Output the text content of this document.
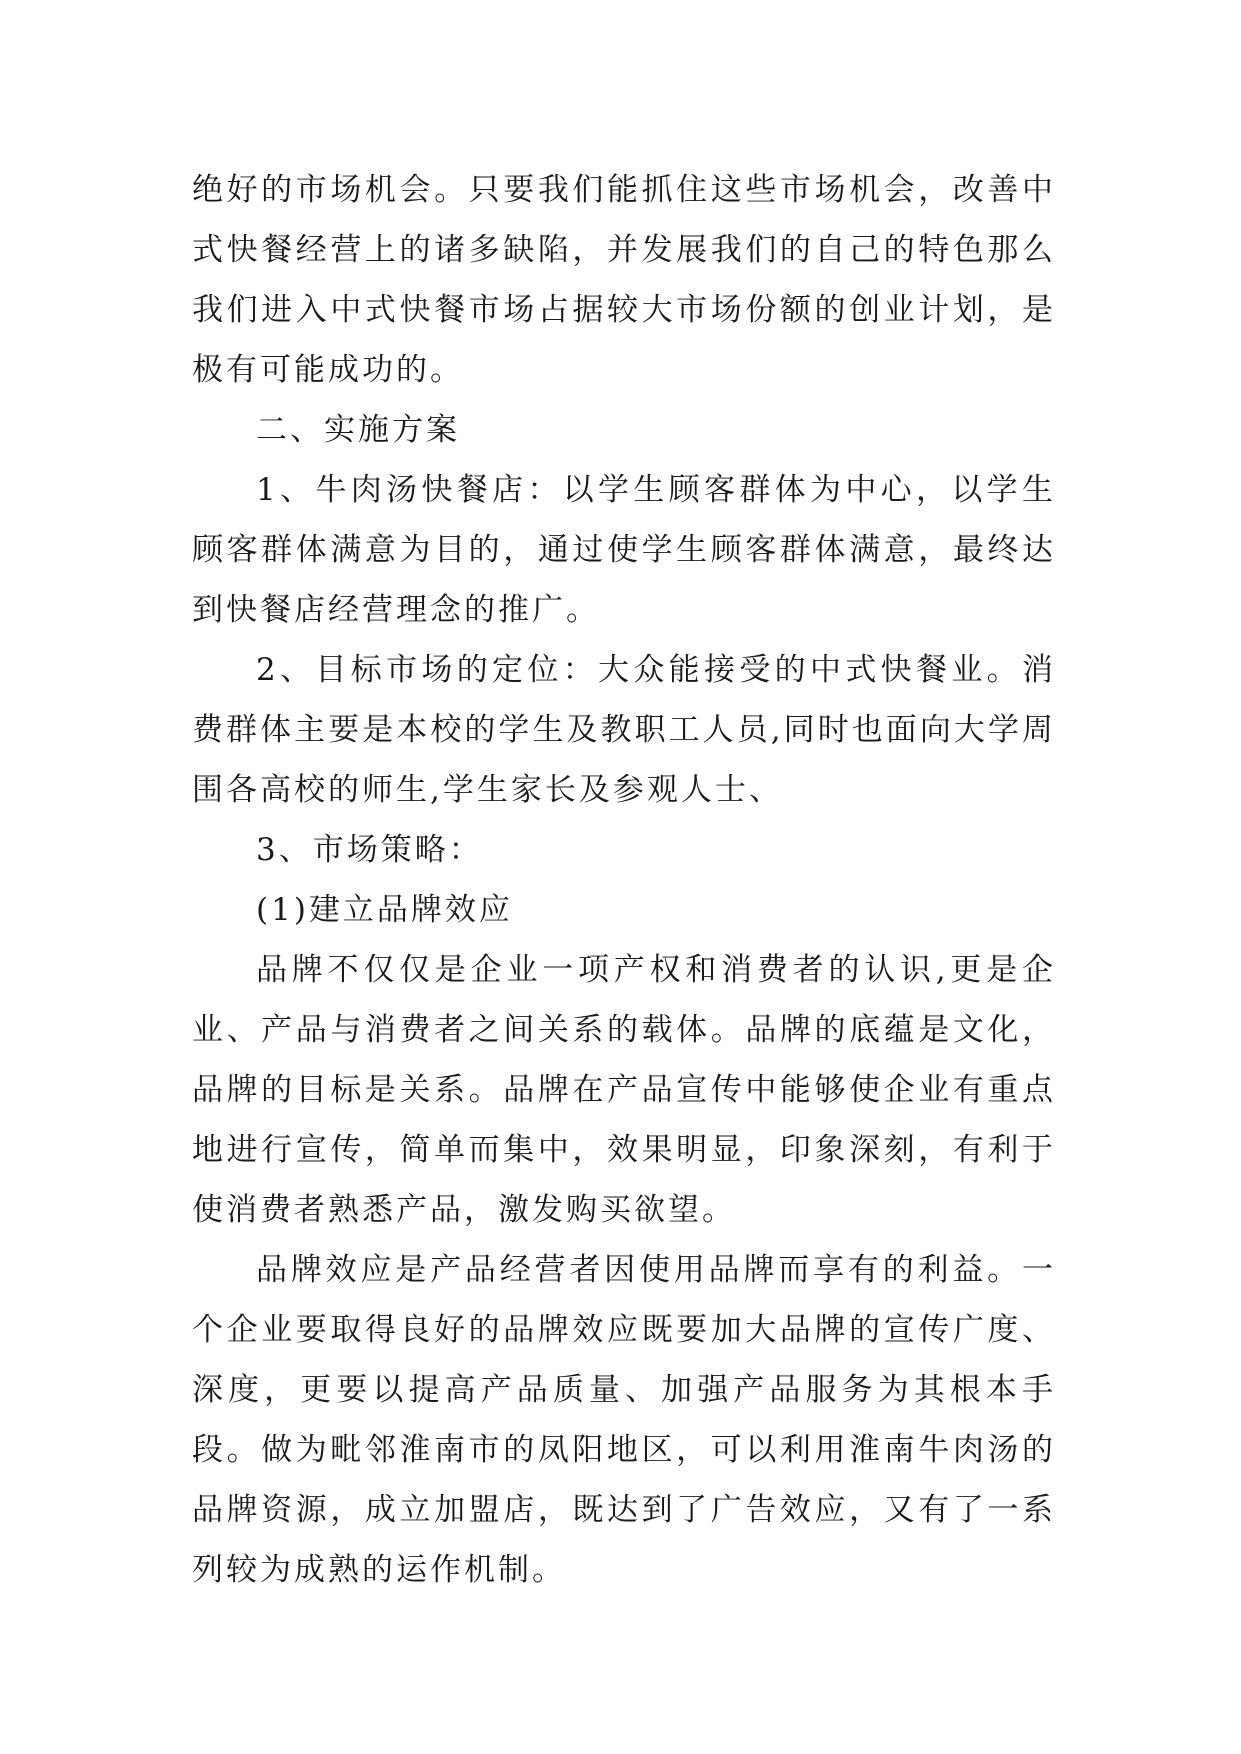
绝好的市场机会。只要我们能抓住这些市场机会，改善中式快餐经营上的诸多缺陷，并发展我们的自己的特色那么我们进入中式快餐市场占据较大市场份额的创业计划，是极有可能成功的。

二、实施方案

1、牛肉汤快餐店：以学生顾客群体为中心，以学生顾客群体满意为目的，通过使学生顾客群体满意，最终达到快餐店经营理念的推广。

2、目标市场的定位：大众能接受的中式快餐业。消费群体主要是本校的学生及教职工人员,同时也面向大学周围各高校的师生,学生家长及参观人士、

3、市场策略：

(1)建立品牌效应

品牌不仅仅是企业一项产权和消费者的认识,更是企业、产品与消费者之间关系的载体。品牌的底蕴是文化，品牌的目标是关系。品牌在产品宣传中能够使企业有重点地进行宣传，简单而集中，效果明显，印象深刻，有利于使消费者熟悉产品，激发购买欲望。

品牌效应是产品经营者因使用品牌而享有的利益。一个企业要取得良好的品牌效应既要加大品牌的宣传广度、深度，更要以提高产品质量、加强产品服务为其根本手段。做为毗邻淮南市的凤阳地区，可以利用淮南牛肉汤的品牌资源，成立加盟店，既达到了广告效应，又有了一系列较为成熟的运作机制。
